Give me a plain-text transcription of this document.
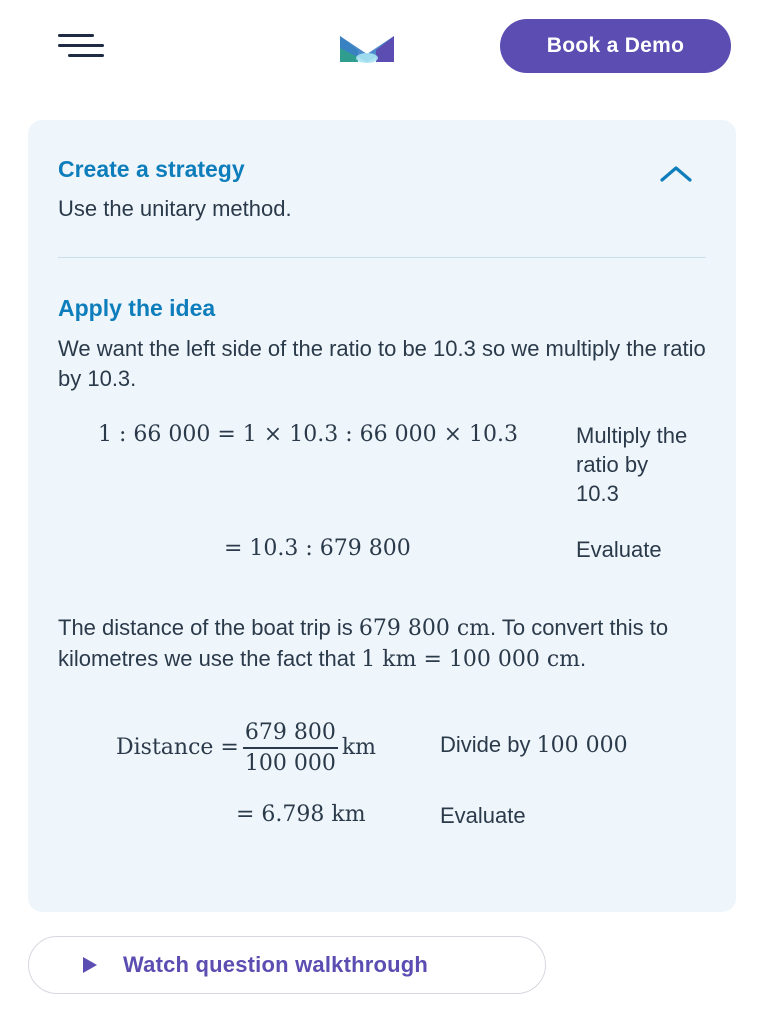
Book a Demo
Create a strategy
Use the unitary method.
Apply the idea
We want the left side of the ratio to be 10.3 so we multiply the ratio by 10.3.
1 : 66 000 = 1 × 10.3 : 66 000 × 10.3	Multiply the ratio by 10.3
= 10.3 : 679 800	Evaluate
The distance of the boat trip is 679 800 cm. To convert this to kilometres we use the fact that 1 km = 100 000 cm.
Distance = $\frac{679 800}{100 000}$ km	Divide by 100 000
= 6.798 km	Evaluate
Watch question walkthrough
